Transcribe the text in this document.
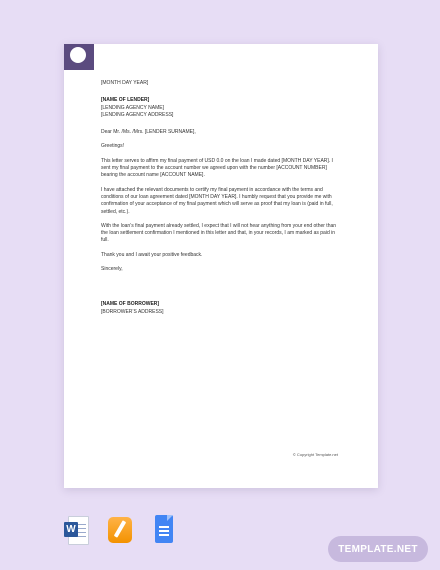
[MONTH DAY YEAR]

[NAME OF LENDER]

[LENDING AGENCY NAME]

[LENDING AGENCY ADDRESS]

Dear Mr. /Ms. /Mrs. [LENDER SURNAME],

Greetings!

This letter serves to affirm my final payment of USD 0.0 on the loan I made dated [MONTH DAY YEAR]. I sent my final payment to the account number we agreed upon with the number [ACCOUNT NUMBER] bearing the account name [ACCOUNT NAME].

I have attached the relevant documents to certify my final payment in accordance with the terms and conditions of our loan agreement dated [MONTH DAY YEAR]. I humbly request that you provide me with confirmation of your acceptance of my final payment which will serve as proof that my loan is (paid in full, settled, etc.).

With the loan’s final payment already settled, I expect that I will not hear anything from your end other than the loan settlement confirmation I mentioned in this letter and that, in your records, I am marked as paid in full.

Thank you and I await your positive feedback.

Sincerely,

[NAME OF BORROWER]

[BORROWER’S ADDRESS]

© Copyright Template.net
W
TEMPLATE.NET
